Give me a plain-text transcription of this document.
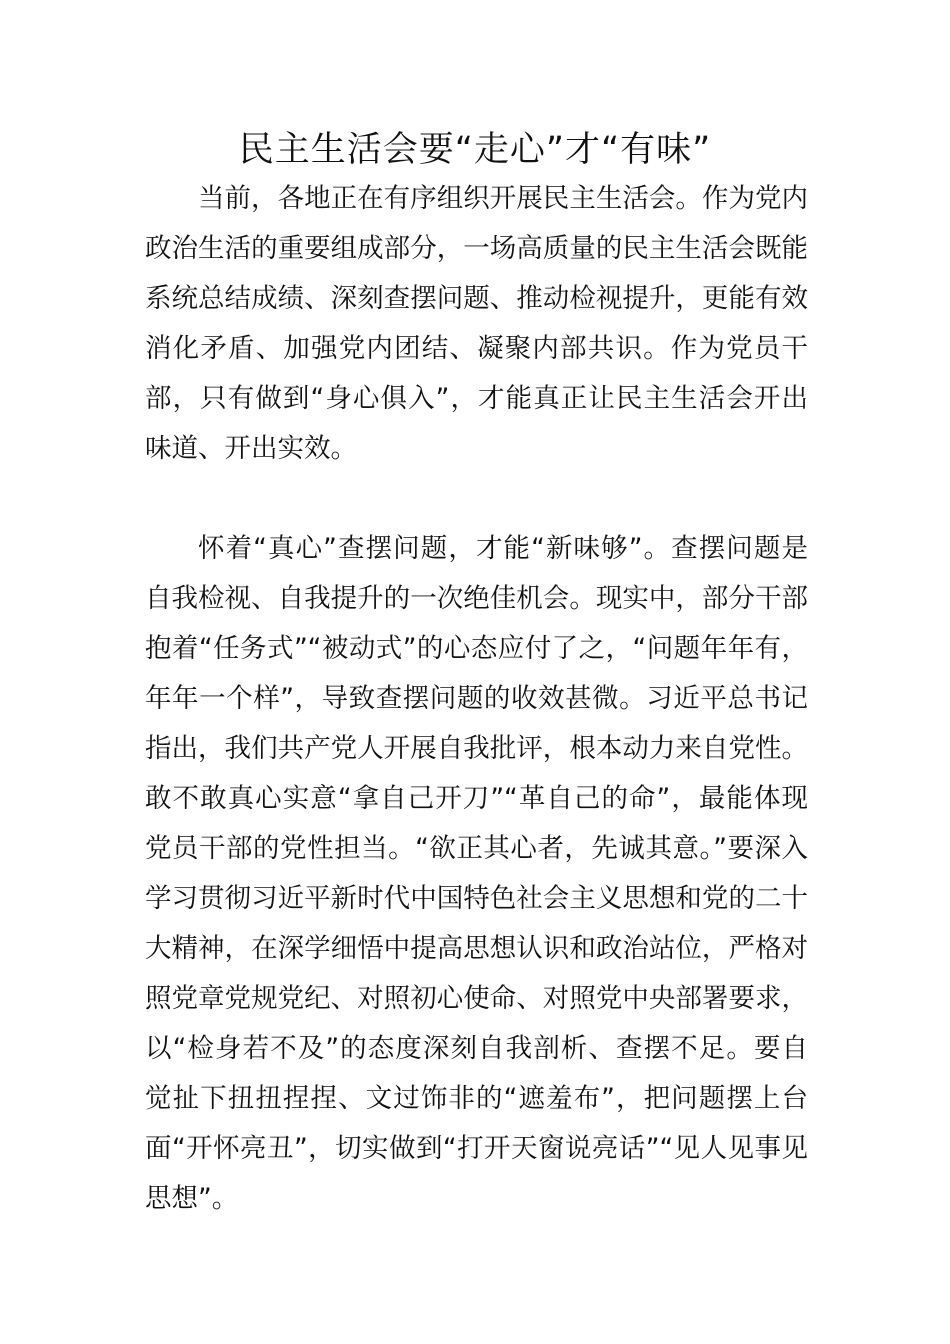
民主生活会要“走心”才“有味”

当前，各地正在有序组织开展民主生活会。作为党内政治生活的重要组成部分，一场高质量的民主生活会既能系统总结成绩、深刻查摆问题、推动检视提升，更能有效消化矛盾、加强党内团结、凝聚内部共识。作为党员干部，只有做到“身心俱入”，才能真正让民主生活会开出味道、开出实效。

怀着“真心”查摆问题，才能“新味够”。查摆问题是自我检视、自我提升的一次绝佳机会。现实中，部分干部抱着“任务式”“被动式”的心态应付了之，“问题年年有，年年一个样”，导致查摆问题的收效甚微。习近平总书记指出，我们共产党人开展自我批评，根本动力来自党性。敢不敢真心实意“拿自己开刀”“革自己的命”，最能体现党员干部的党性担当。“欲正其心者，先诚其意。”要深入学习贯彻习近平新时代中国特色社会主义思想和党的二十大精神，在深学细悟中提高思想认识和政治站位，严格对照党章党规党纪、对照初心使命、对照党中央部署要求，以“检身若不及”的态度深刻自我剖析、查摆不足。要自觉扯下扭扭捏捏、文过饰非的“遮羞布”，把问题摆上台面“开怀亮丑”，切实做到“打开天窗说亮话”“见人见事见思想”。
